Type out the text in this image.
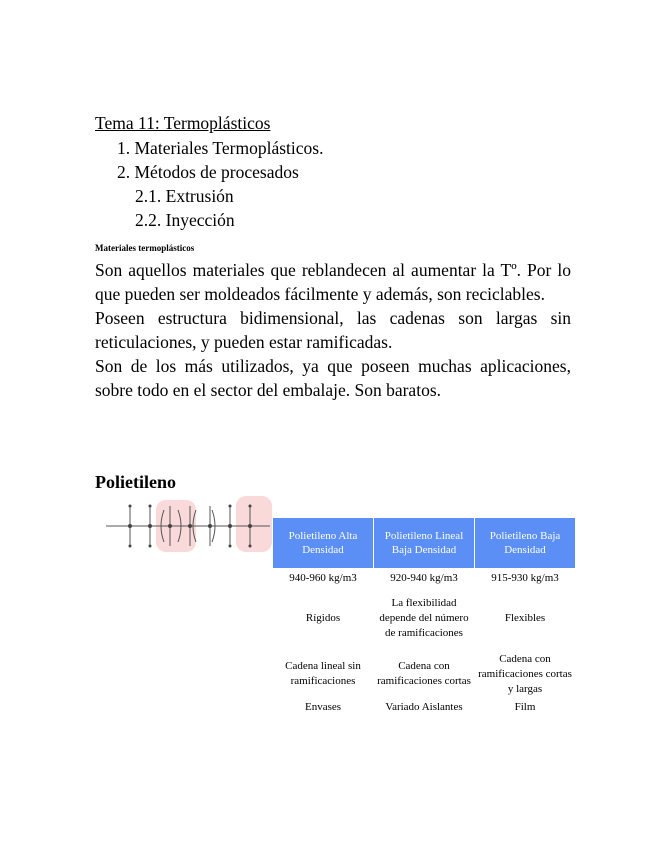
Tema 11: Termoplásticos
1. Materiales Termoplásticos.
2. Métodos de procesados
2.1. Extrusión
2.2. Inyección
Materiales termoplásticos

Son aquellos materiales que reblandecen al aumentar la Tº. Por lo que pueden ser moldeados fácilmente y además, son reciclables.

Poseen estructura bidimensional, las cadenas son largas sin reticulaciones, y pueden estar ramificadas.

Son de los más utilizados, ya que poseen muchas aplicaciones, sobre todo en el sector del embalaje. Son baratos.

Polietileno
Polietileno Alta Densidad	Polietileno Lineal Baja Densidad	Polietileno Baja Densidad
940-960 kg/m3	920-940 kg/m3	915-930 kg/m3
Rígidos	La flexibilidad depende del número de ramificaciones	Flexibles
Cadena lineal sin ramificaciones	Cadena con ramificaciones cortas	Cadena con ramificaciones cortas y largas
Envases	Variado Aislantes	Film
